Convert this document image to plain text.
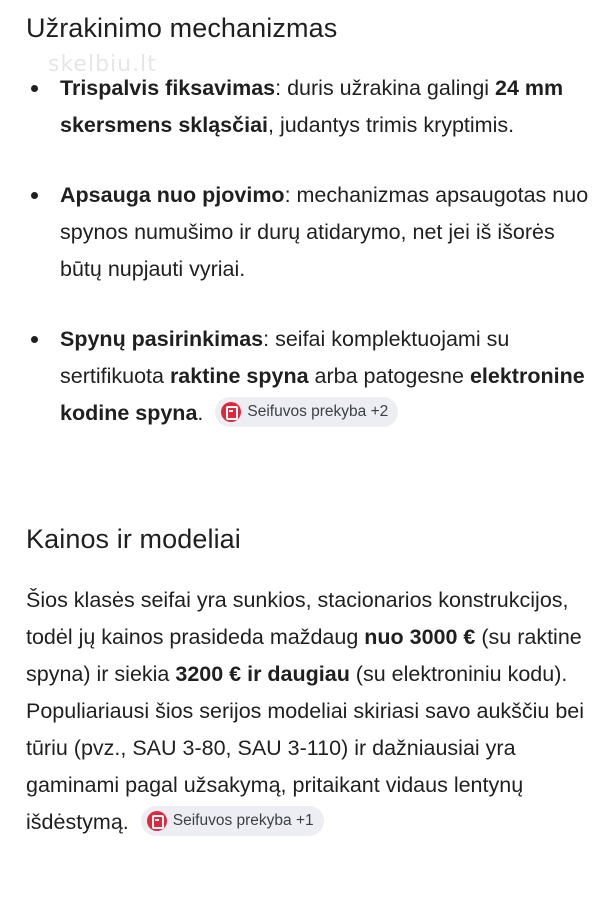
skelbiu.lt
Užrakinimo mechanizmas
Trispalvis fiksavimas: duris užrakina galingi 24 mm skersmens skląsčiai, judantys trimis kryptimis.
Apsauga nuo pjovimo: mechanizmas apsaugotas nuo spynos numušimo ir durų atidarymo, net jei iš išorės būtų nupjauti vyriai.
Spynų pasirinkimas: seifai komplektuojami su sertifikuota raktine spyna arba patogesne elektronine kodine spyna.	Seifuvos prekyba +2
Kainos ir modeliai
Šios klasės seifai yra sunkios, stacionarios konstrukcijos, todėl jų kainos prasideda maždaug nuo 3000 € (su raktine spyna) ir siekia 3200 € ir daugiau (su elektroniniu kodu). Populiariausi šios serijos modeliai skiriasi savo aukščiu bei tūriu (pvz., SAU 3-80, SAU 3-110) ir dažniausiai yra gaminami pagal užsakymą, pritaikant vidaus lentynų išdėstymą.	Seifuvos prekyba +1
